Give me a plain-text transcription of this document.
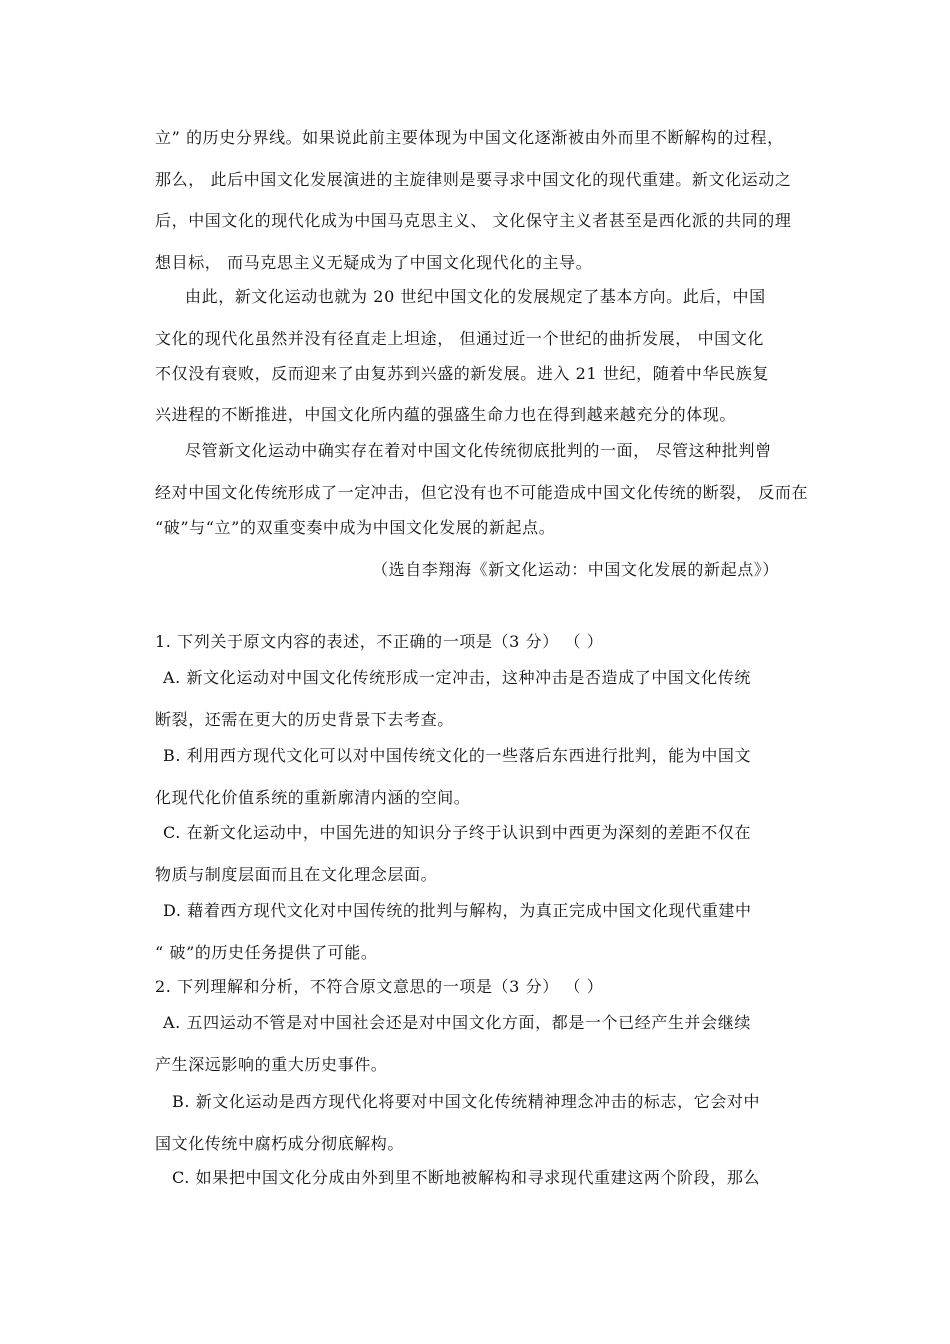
立” 的历史分界线。如果说此前主要体现为中国文化逐渐被由外而里不断解构的过程，
那么， 此后中国文化发展演进的主旋律则是要寻求中国文化的现代重建。新文化运动之
后，中国文化的现代化成为中国马克思主义、 文化保守主义者甚至是西化派的共同的理
想目标， 而马克思主义无疑成为了中国文化现代化的主导。
由此，新文化运动也就为 20 世纪中国文化的发展规定了基本方向。此后，中国
文化的现代化虽然并没有径直走上坦途， 但通过近一个世纪的曲折发展， 中国文化
不仅没有衰败，反而迎来了由复苏到兴盛的新发展。进入 21 世纪，随着中华民族复
兴进程的不断推进，中国文化所内蕴的强盛生命力也在得到越来越充分的体现。
尽管新文化运动中确实存在着对中国文化传统彻底批判的一面， 尽管这种批判曾
经对中国文化传统形成了一定冲击，但它没有也不可能造成中国文化传统的断裂， 反而在
“破”与“立”的双重变奏中成为中国文化发展的新起点。
（选自李翔海《新文化运动：中国文化发展的新起点》）
1. 下列关于原文内容的表述，不正确的一项是（3 分） （ ）
A. 新文化运动对中国文化传统形成一定冲击，这种冲击是否造成了中国文化传统
断裂，还需在更大的历史背景下去考查。
B. 利用西方现代文化可以对中国传统文化的一些落后东西进行批判，能为中国文
化现代化价值系统的重新廓清内涵的空间。
C. 在新文化运动中，中国先进的知识分子终于认识到中西更为深刻的差距不仅在
物质与制度层面而且在文化理念层面。
D. 藉着西方现代文化对中国传统的批判与解构，为真正完成中国文化现代重建中
“ 破”的历史任务提供了可能。
2. 下列理解和分析，不符合原文意思的一项是（3 分） （ ）
A. 五四运动不管是对中国社会还是对中国文化方面，都是一个已经产生并会继续
产生深远影响的重大历史事件。
B. 新文化运动是西方现代化将要对中国文化传统精神理念冲击的标志，它会对中
国文化传统中腐朽成分彻底解构。
C. 如果把中国文化分成由外到里不断地被解构和寻求现代重建这两个阶段，那么
